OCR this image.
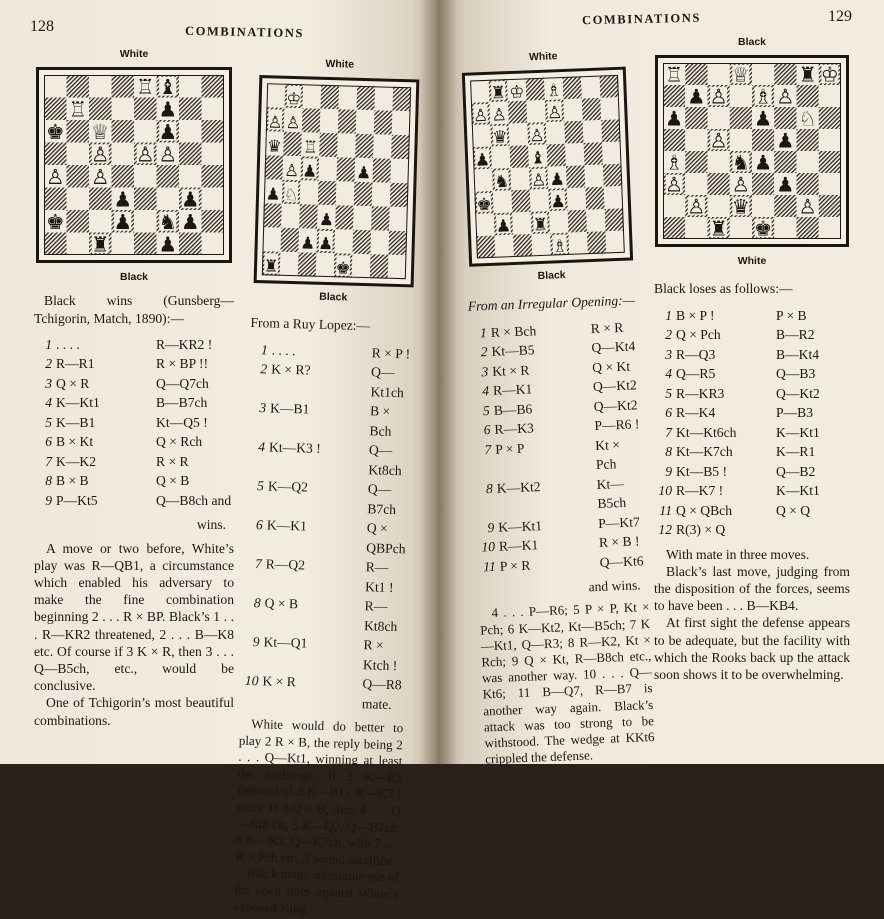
128	COMBINATIONS
White
♖ ♝
♖	♟
♚ ♕ ♟
♙ ♙ ♙
♙ ♙
♟ ♟
♚ ♟ ♞ ♟
♜ ♟
Black
Black wins (Gunsberg—Tchigorin, Match, 1890):—
1 . . . .	R—KR2 !
2 R—R1	R × BP !!
3 Q × R	Q—Q7ch
4 K—Kt1	B—B7ch
5 K—B1	Kt—Q5 !
6 B × Kt	Q × Rch
7 K—K2	R × R
8 B × B	Q × B
9 P—Kt5	Q—B8ch and
wins.

A move or two before, White’s play was R—QB1, a circumstance which enabled his adversary to make the fine combination beginning 2 . . . R × BP. Black’s 1 . . . R—KR2 threatened, 2 . . . B—K8 etc. Of course if 3 K × R, then 3 . . . Q—B5ch, etc., would be conclusive.

One of Tchigorin’s most beautiful combinations.

White
♔
♙ ♙
♛ ♖
♙ ♟ ♟
♟ ♘
♟
♟ ♟
♜	♚
Black
From a Ruy Lopez:—
1 . . . .	R × P !
2 K × R?	Q—Kt1ch
3 K—B1	B × Bch
4 Kt—K3 !	Q—Kt8ch
5 K—Q2	Q—B7ch
6 K—K1	Q × QBPch
7 R—Q2	R—Kt1 !
8 Q × B	R—Kt8ch
9 Kt—Q1	R × Ktch !
10 K × R	Q—R8 mate.

White would do better to play 2 R × B, the reply being 2 . . . Q—Kt1, winning at least the exchange. If 3 K—R3 (instead of 3 K—B1), R—K3 ! wins. If 4 Q × B, then 4 . . . Q—Kt8 ch; 5 K—Q2, Q—B7ch; 6 K—K3, Q—K7ch, with 7 . . . R × Pch etc. A sound sacrifice.

Black made admirable use of the open lines against White’s exposed King.

COMBINATIONS	129
White
♜ ♔ ♗
♙ ♙ ♙
♛ ♙
♟ ♝
♞ ♙ ♟
♚	♟
♟ ♜
♗
Black
From an Irregular Opening:—
1 R × Bch	R × R
2 Kt—B5	Q—Kt4
3 Kt × R	Q × Kt
4 R—K1	Q—Kt2
5 B—B6	Q—Kt2
6 R—K3	P—R6 !
7 P × P	Kt × Pch
8 K—Kt2	Kt—B5ch
9 K—Kt1	P—Kt7
10 R—K1	R × B !
11 P × R	Q—Kt6
and wins.

4 . . . P—R6; 5 P × P, Kt × Pch; 6 K—Kt2, Kt—B5ch; 7 K—Kt1, Q—R3; 8 R—K2, Kt × Rch; 9 Q × Kt, R—B8ch etc., was another way. 10 . . . Q—Kt6; 11 B—Q7, R—B7 is another way again. Black’s attack was too strong to be withstood. The wedge at KKt6 crippled the defense.

Black
♖ ♕ ♜ ♔
♟ ♙ ♗ ♙
♟	♟ ♘
♙ ♟
♗ ♞ ♟
♙ ♙ ♟
♙ ♛ ♙
♜ ♚
White
Black loses as follows:—
1 B × P !	P × B
2 Q × Pch	B—R2
3 R—Q3	B—Kt4
4 Q—R5	Q—B3
5 R—KR3	Q—Kt2
6 R—K4	P—B3
7 Kt—Kt6ch	K—Kt1
8 Kt—K7ch	K—R1
9 Kt—B5 !	Q—B2
10 R—K7 !	K—Kt1
11 Q × QBch	Q × Q
12 R(3) × Q

With mate in three moves.

Black’s last move, judging from the disposition of the forces, seems to have been . . . B—KB4.

At first sight the defense appears to be adequate, but the facility with which the Rooks back up the attack soon shows it to be overwhelming.
